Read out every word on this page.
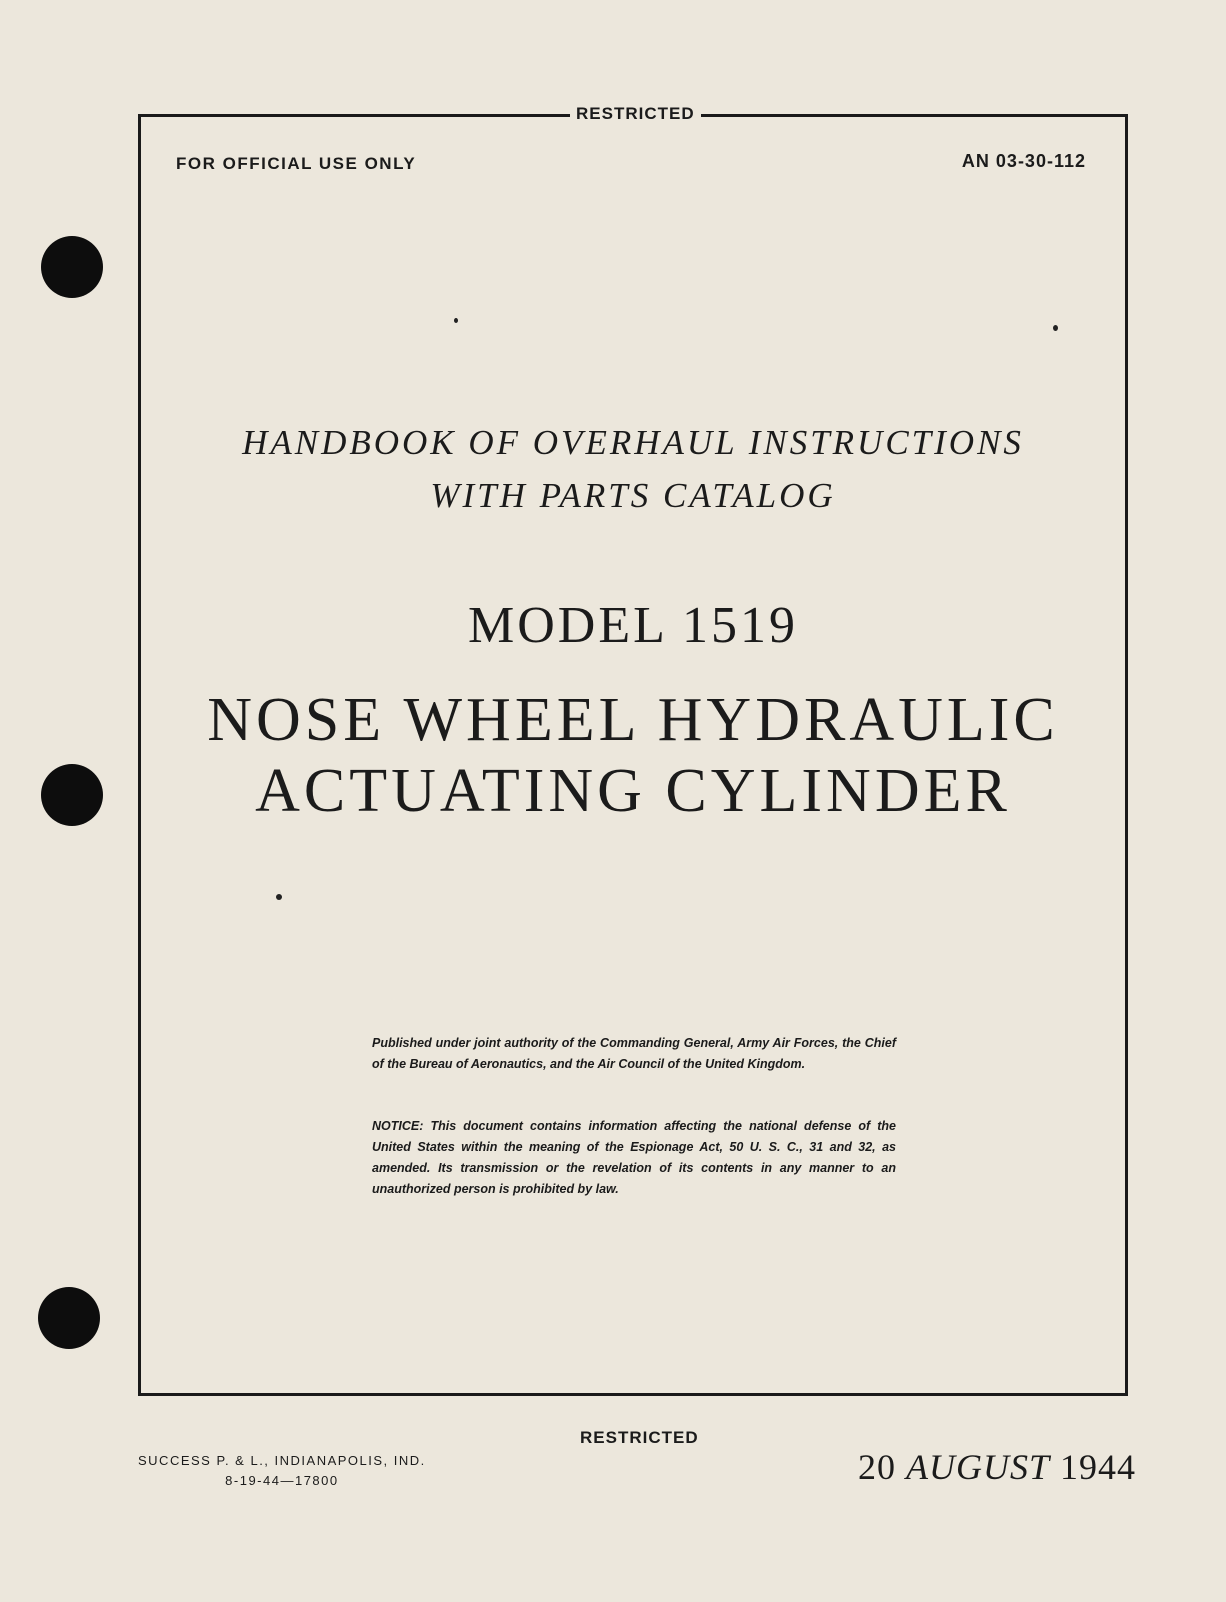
RESTRICTED
FOR OFFICIAL USE ONLY	AN 03-30-112
HANDBOOK OF OVERHAUL INSTRUCTIONS
WITH PARTS CATALOG
MODEL 1519
NOSE WHEEL HYDRAULIC
ACTUATING CYLINDER
Published under joint authority of the Commanding General, Army Air Forces, the Chief of the Bureau of Aeronautics, and the Air Council of the United Kingdom.
NOTICE: This document contains information affecting the national defense of the United States within the meaning of the Espionage Act, 50 U. S. C., 31 and 32, as amended. Its transmission or the revelation of its contents in any manner to an unauthorized person is prohibited by law.
RESTRICTED
SUCCESS P. & L., INDIANAPOLIS, IND.
8-19-44—17800	20 AUGUST 1944
